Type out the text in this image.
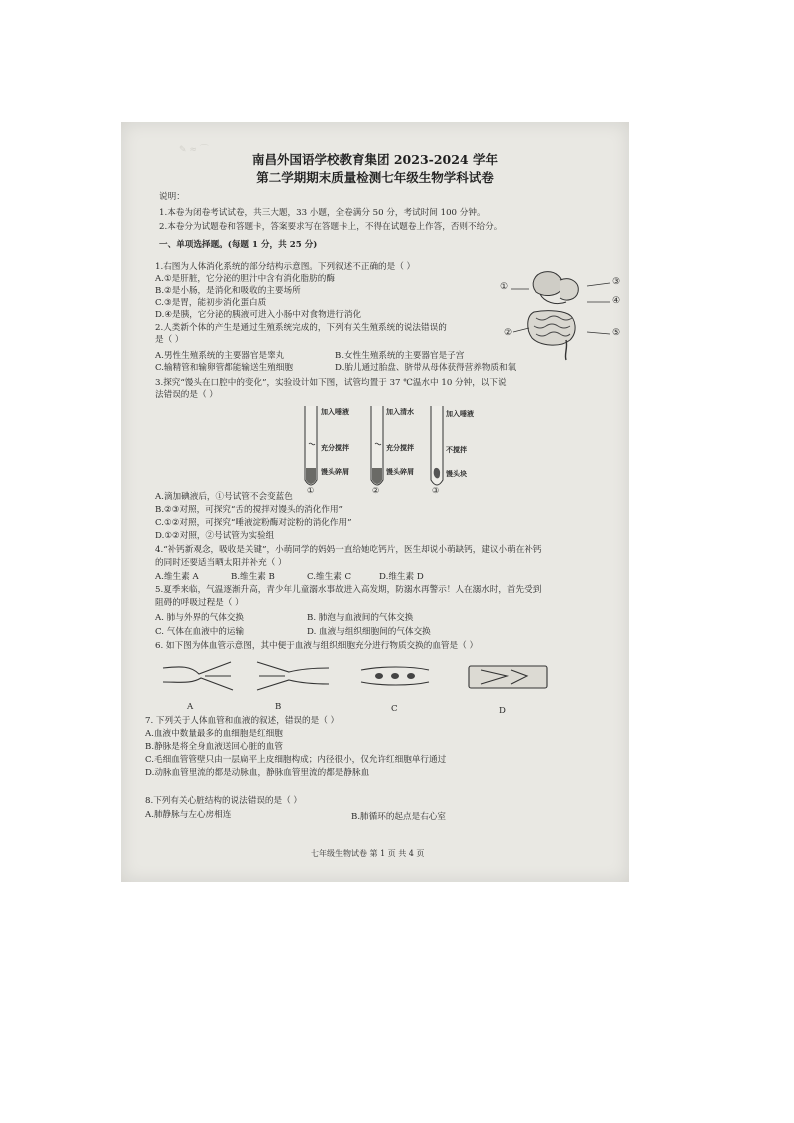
✎ ≈ ⌒
南昌外国语学校教育集团 2023-2024 学年
第二学期期末质量检测七年级生物学科试卷
说明：
1.本卷为闭卷考试试卷，共三大题，33 小题，全卷满分 50 分，考试时间 100 分钟。
2.本卷分为试题卷和答题卡，答案要求写在答题卡上，不得在试题卷上作答，否则不给分。
一、单项选择题。(每题 1 分，共 25 分)
1.右图为人体消化系统的部分结构示意图。下列叙述不正确的是（ ）
A.①是肝脏，它分泌的胆汁中含有消化脂肪的酶
B.②是小肠，是消化和吸收的主要场所
C.③是胃，能初步消化蛋白质
D.④是胰，它分泌的胰液可进入小肠中对食物进行消化
①
②
③
④
⑤
2.人类新个体的产生是通过生殖系统完成的，下列有关生殖系统的说法错误的
是（ ）
A.男性生殖系统的主要器官是睾丸	B.女性生殖系统的主要器官是子宫
C.输精管和输卵管都能输送生殖细胞	D.胎儿通过胎盘、脐带从母体获得营养物质和氧
3.探究“馒头在口腔中的变化”，实验设计如下图，试管均置于 37 ℃温水中 10 分钟，以下说
法错误的是（ ）
加入唾液
充分搅拌
馒头碎屑
①
加入清水
充分搅拌
馒头碎屑
②
加入唾液
不搅拌
馒头块
③
A.滴加碘液后，①号试管不会变蓝色
B.②③对照，可探究“舌的搅拌对馒头的消化作用”
C.①②对照，可探究“唾液淀粉酶对淀粉的消化作用”
D.①②对照，②号试管为实验组
4.“补钙新观念，吸收是关键”，小萌同学的妈妈一直给她吃钙片，医生却说小萌缺钙，建议小萌在补钙
的同时还要适当晒太阳并补充（ ）
A.维生素 A	B.维生素 B	C.维生素 C	D.维生素 D
5.夏季来临，气温逐渐升高，青少年儿童溺水事故进入高发期，防溺水再警示！人在溺水时，首先受到
阻碍的呼吸过程是（ ）
A. 肺与外界的气体交换	B. 肺泡与血液间的气体交换
C. 气体在血液中的运输	D. 血液与组织细胞间的气体交换
6. 如下图为体血管示意图，其中便于血液与组织细胞充分进行物质交换的血管是（ ）
A	B	C	D
7. 下列关于人体血管和血液的叙述，错误的是（ ）
A.血液中数量最多的血细胞是红细胞
B.静脉是将全身血液送回心脏的血管
C.毛细血管管壁只由一层扁平上皮细胞构成；内径很小，仅允许红细胞单行通过
D.动脉血管里流的都是动脉血，静脉血管里流的都是静脉血
8.下列有关心脏结构的说法错误的是（ ）
A.肺静脉与左心房相连	B.肺循环的起点是右心室
七年级生物试卷 第 1 页 共 4 页
